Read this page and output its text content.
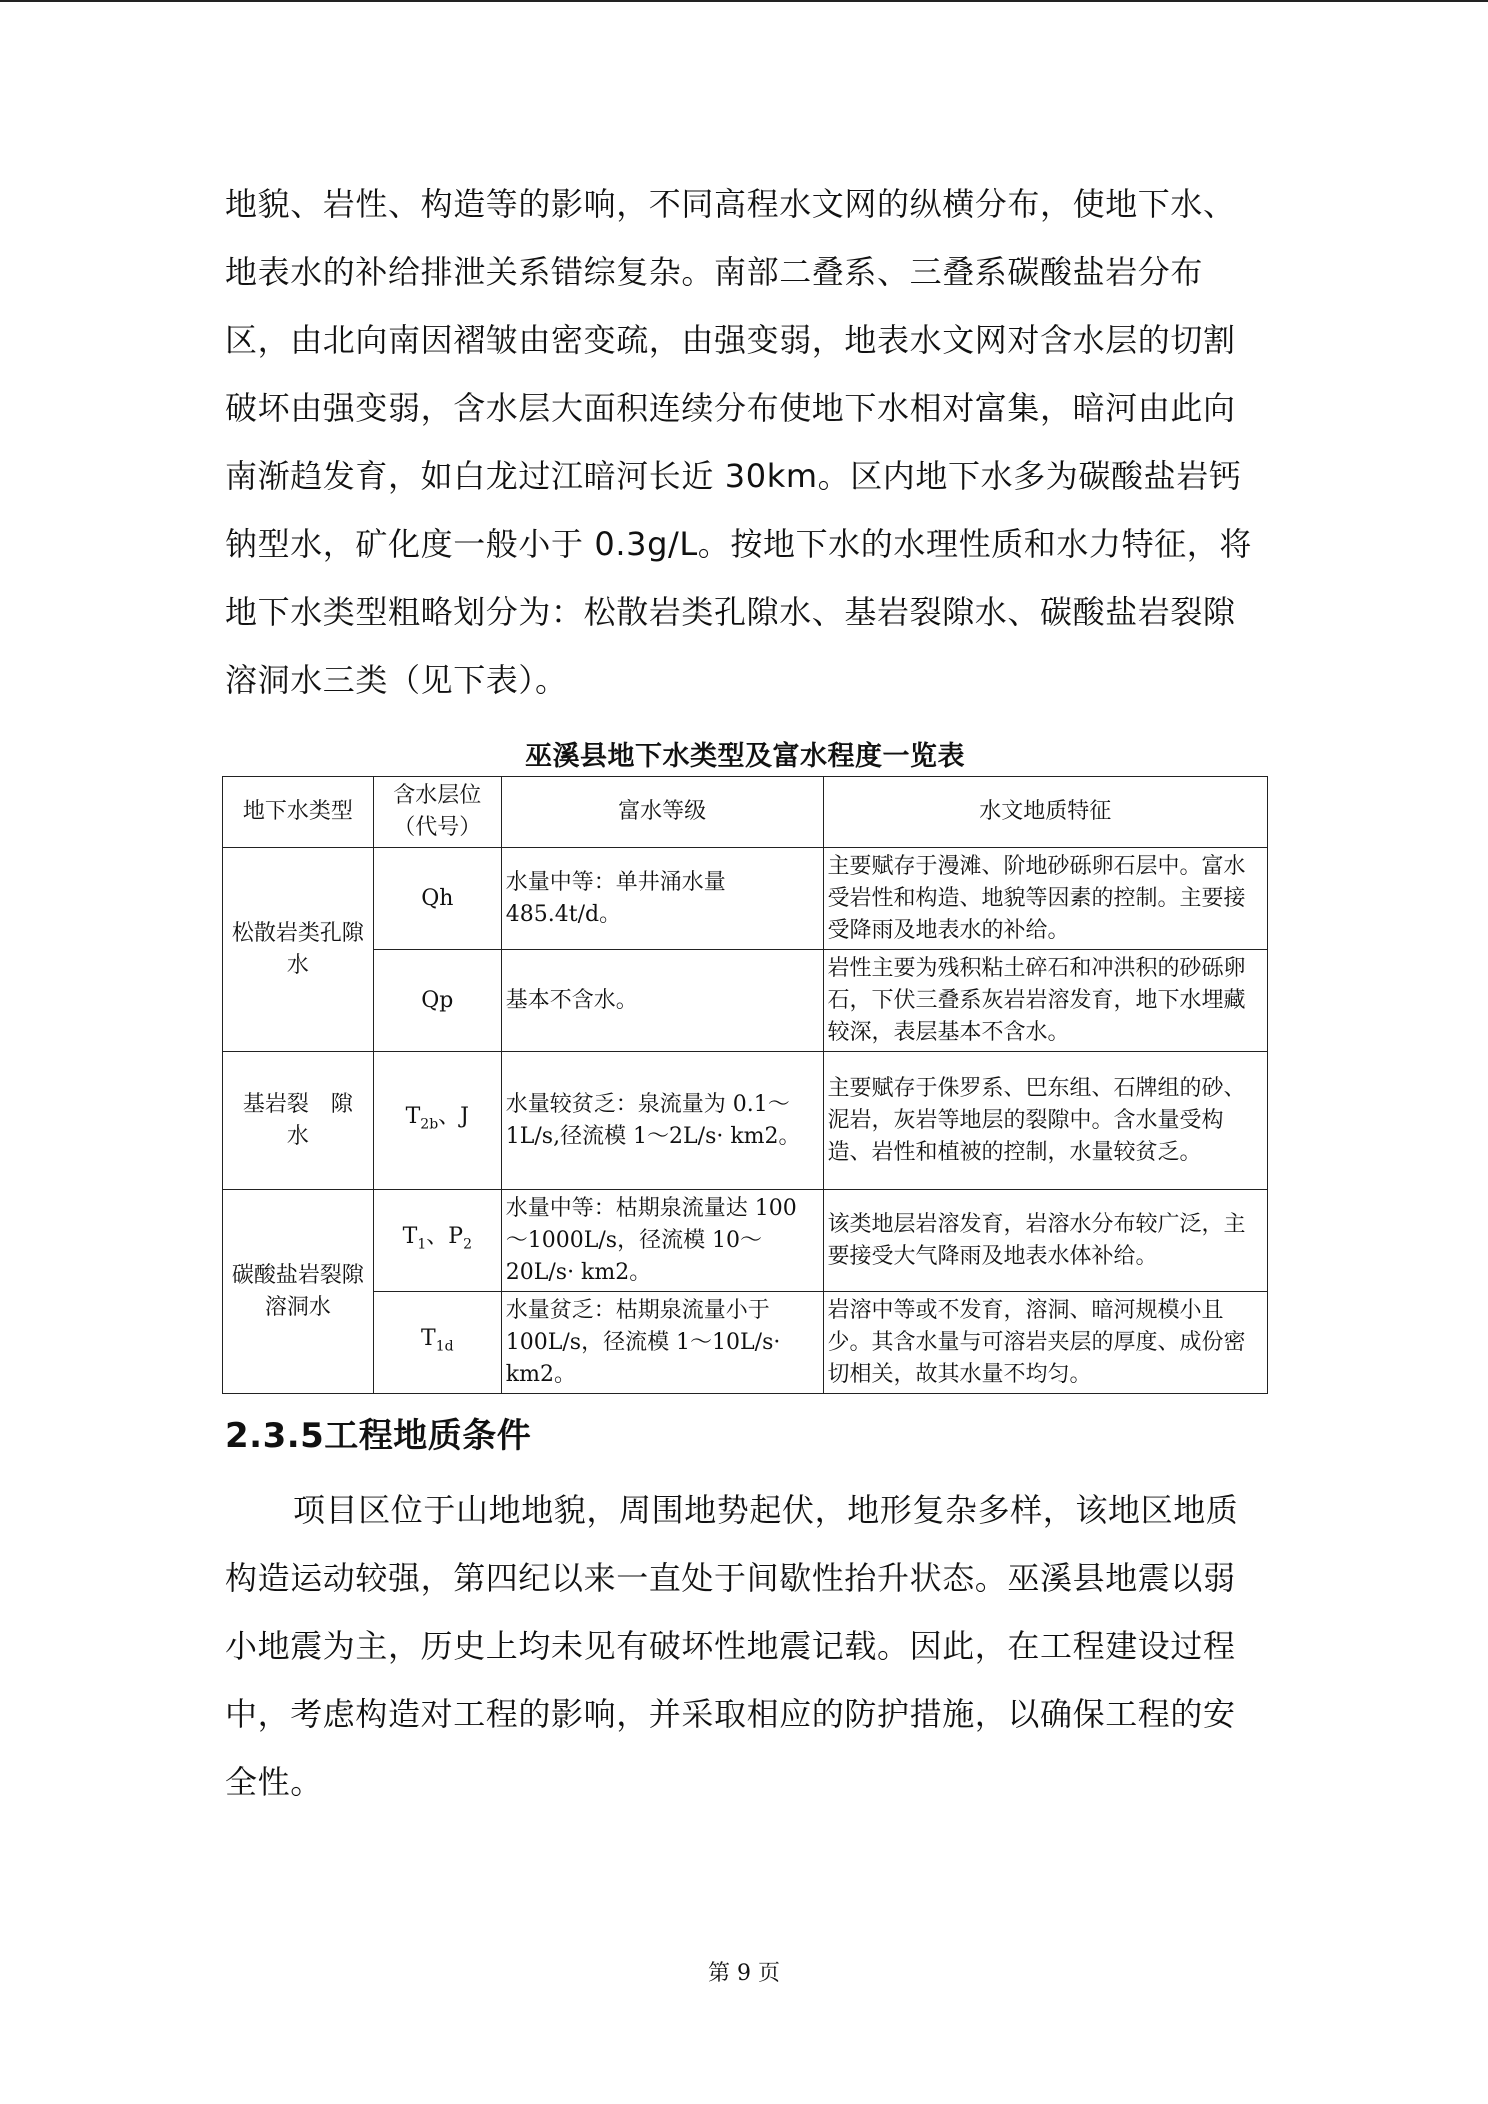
地貌、岩性、构造等的影响，不同高程水文网的纵横分布，使地下水、地表水的补给排泄关系错综复杂。南部二叠系、三叠系碳酸盐岩分布区，由北向南因褶皱由密变疏，由强变弱，地表水文网对含水层的切割破坏由强变弱，含水层大面积连续分布使地下水相对富集，暗河由此向南渐趋发育，如白龙过江暗河长近 30km。区内地下水多为碳酸盐岩钙钠型水，矿化度一般小于 0.3g/L。按地下水的水理性质和水力特征，将地下水类型粗略划分为：松散岩类孔隙水、基岩裂隙水、碳酸盐岩裂隙溶洞水三类（见下表）。
巫溪县地下水类型及富水程度一览表
地下水类型	含水层位（代号）	富水等级	水文地质特征
松散岩类孔隙水	Qh	水量中等：单井涌水量 485.4t/d。	主要赋存于漫滩、阶地砂砾卵石层中。富水受岩性和构造、地貌等因素的控制。主要接受降雨及地表水的补给。
	Qp	基本不含水。	岩性主要为残积粘土碎石和冲洪积的砂砾卵石，下伏三叠系灰岩岩溶发育，地下水埋藏较深，表层基本不含水。
基岩裂　隙　水	$T_{2b}$、J	水量较贫乏：泉流量为 0.1～1L/s,径流模 1～2L/s· km2。	主要赋存于侏罗系、巴东组、石牌组的砂、泥岩，灰岩等地层的裂隙中。含水量受构造、岩性和植被的控制，水量较贫乏。
碳酸盐岩裂隙溶洞水	$T_1$、$P_2$	水量中等：枯期泉流量达 100～1000L/s，径流模 10～20L/s· km2。	该类地层岩溶发育，岩溶水分布较广泛，主要接受大气降雨及地表水体补给。
	$T_{1d}$	水量贫乏：枯期泉流量小于 100L/s，径流模 1～10L/s· km2。	岩溶中等或不发育，溶洞、暗河规模小且少。其含水量与可溶岩夹层的厚度、成份密切相关，故其水量不均匀。
2.3.5工程地质条件
项目区位于山地地貌，周围地势起伏，地形复杂多样，该地区地质构造运动较强，第四纪以来一直处于间歇性抬升状态。巫溪县地震以弱小地震为主，历史上均未见有破坏性地震记载。因此，在工程建设过程中，考虑构造对工程的影响，并采取相应的防护措施，以确保工程的安全性。
第 9 页
